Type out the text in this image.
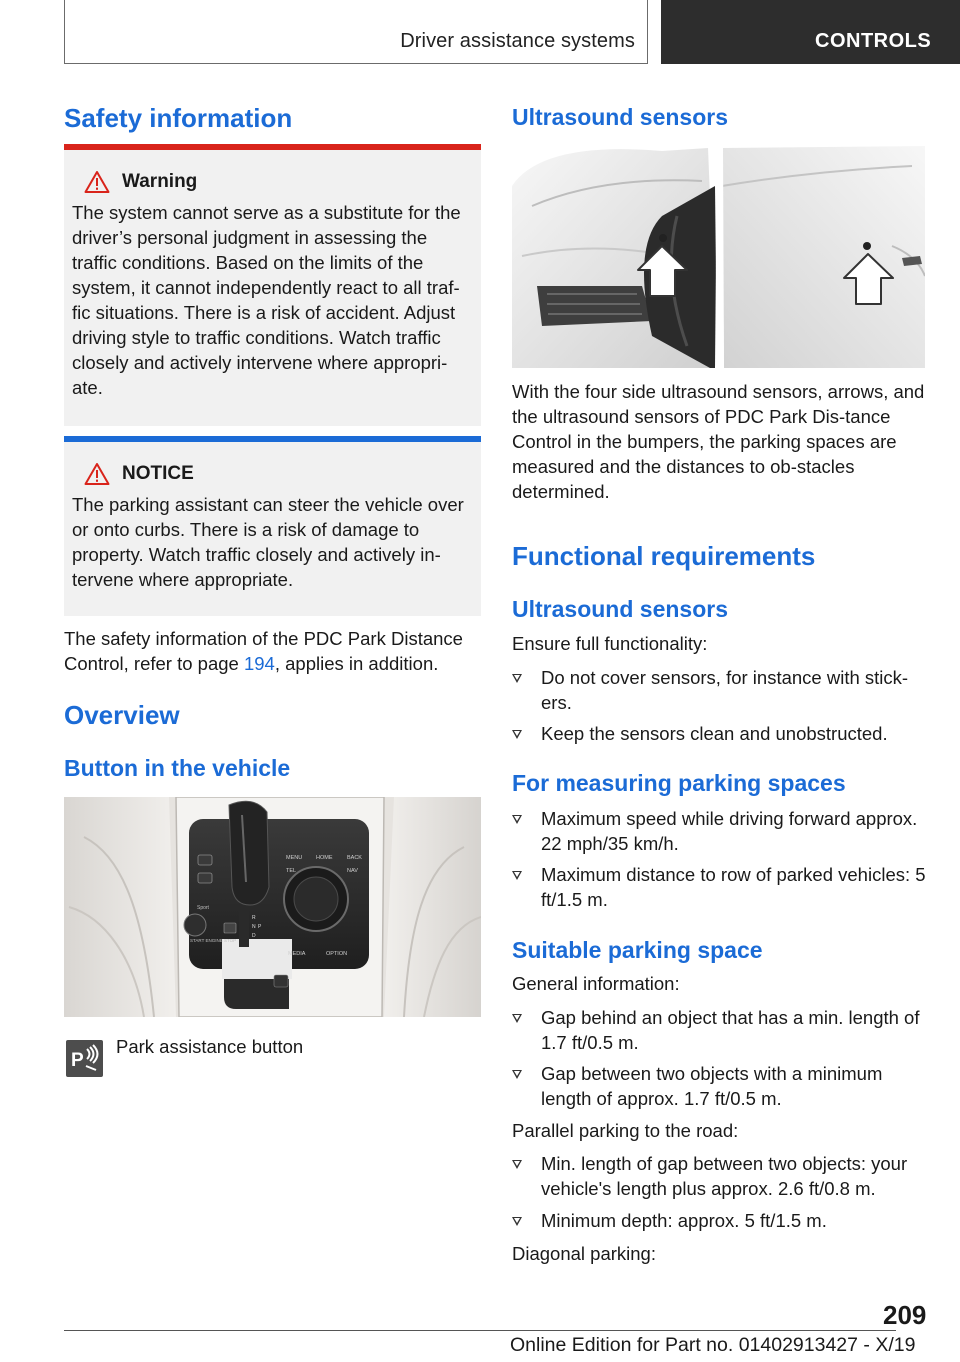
Driver assistance systems	CONTROLS
Safety information
Warning

The system cannot serve as a substitute for the driver’s personal judgment in assessing the traffic conditions. Based on the limits of the system, it cannot independently react to all traf-fic situations. There is a risk of accident. Adjust driving style to traffic conditions. Watch traffic closely and actively intervene where appropri-ate.

NOTICE

The parking assistant can steer the vehicle over or onto curbs. There is a risk of damage to property. Watch traffic closely and actively in-tervene where appropriate.

The safety information of the PDC Park Distance Control, refer to page 194, applies in addition.
Overview
Button in the vehicle
MENU	HOME	BACK
TEL	NAV
MEDIA	OPTION
Sport
START ENGINE STOP
R
N
D
P
P
Park assistance button
Ultrasound sensors
With the four side ultrasound sensors, arrows, and the ultrasound sensors of PDC Park Dis-tance Control in the bumpers, the parking spaces are measured and the distances to ob-stacles determined.
Functional requirements
Ultrasound sensors
Ensure full functionality:
Do not cover sensors, for instance with stick-ers.
Keep the sensors clean and unobstructed.
For measuring parking spaces
Maximum speed while driving forward approx. 22 mph/35 km/h.
Maximum distance to row of parked vehicles: 5 ft/1.5 m.
Suitable parking space
General information:
Gap behind an object that has a min. length of 1.7 ft/0.5 m.
Gap between two objects with a minimum length of approx. 1.7 ft/0.5 m.
Parallel parking to the road:
Min. length of gap between two objects: your vehicle's length plus approx. 2.6 ft/0.8 m.
Minimum depth: approx. 5 ft/1.5 m.
Diagonal parking:
209
Online Edition for Part no. 01402913427 - X/19
